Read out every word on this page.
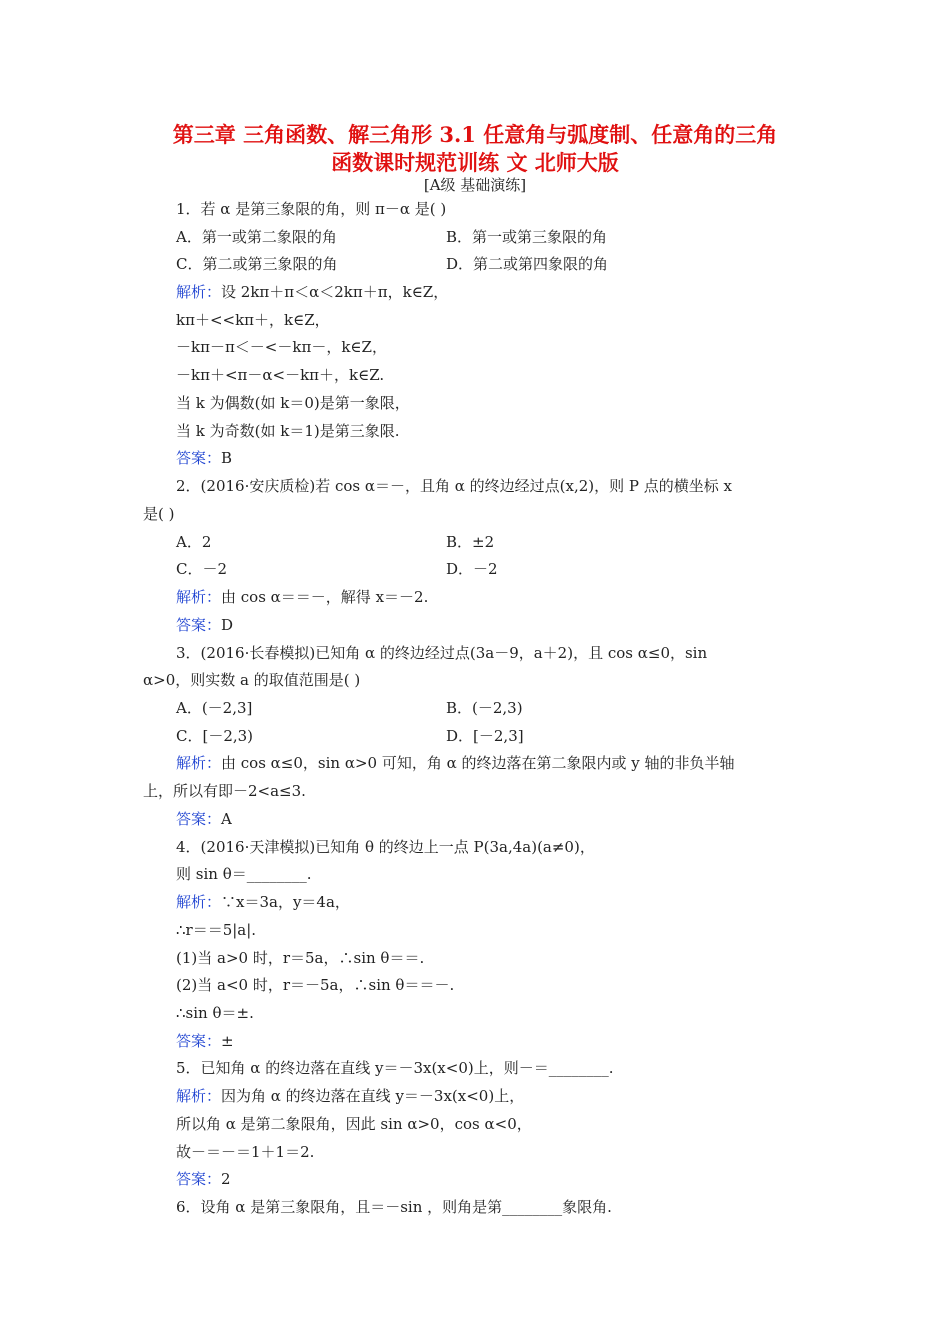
第三章 三角函数、解三角形 3.1 任意角与弧度制、任意角的三角
函数课时规范训练 文 北师大版
[A级 基础演练]
1．若 α 是第三象限的角，则 π－α 是( )
A．第一或第二象限的角	B．第一或第三象限的角
C．第二或第三象限的角	D．第二或第四象限的角
解析：设 2kπ＋π＜α＜2kπ＋π，k∈Z，
kπ＋<<kπ＋，k∈Z，
－kπ－π＜－<－kπ－，k∈Z，
－kπ＋<π－α<－kπ＋，k∈Z.
当 k 为偶数(如 k＝0)是第一象限，
当 k 为奇数(如 k＝1)是第三象限.
答案：B
2．(2016·安庆质检)若 cos α＝－，且角 α 的终边经过点(x,2)，则 P 点的横坐标 x
是( )
A．2	B．±2
C．－2	D．－2
解析：由 cos α＝＝－，解得 x＝－2.
答案：D
3．(2016·长春模拟)已知角 α 的终边经过点(3a－9，a＋2)，且 cos α≤0，sin
α>0，则实数 a 的取值范围是( )
A．(－2,3]	B．(－2,3)
C．[－2,3)	D．[－2,3]
解析：由 cos α≤0，sin α>0 可知，角 α 的终边落在第二象限内或 y 轴的非负半轴
上，所以有即－2<a≤3.
答案：A
4．(2016·天津模拟)已知角 θ 的终边上一点 P(3a,4a)(a≠0)，
则 sin θ＝________.
解析：∵x＝3a，y＝4a，
∴r＝＝5|a|.
(1)当 a>0 时，r＝5a，∴sin θ＝＝.
(2)当 a<0 时，r＝－5a，∴sin θ＝＝－.
∴sin θ＝±.
答案：±
5．已知角 α 的终边落在直线 y＝－3x(x<0)上，则－＝________.
解析：因为角 α 的终边落在直线 y＝－3x(x<0)上，
所以角 α 是第二象限角，因此 sin α>0，cos α<0，
故－＝－＝1＋1＝2.
答案：2
6．设角 α 是第三象限角，且＝－sin ，则角是第________象限角.
